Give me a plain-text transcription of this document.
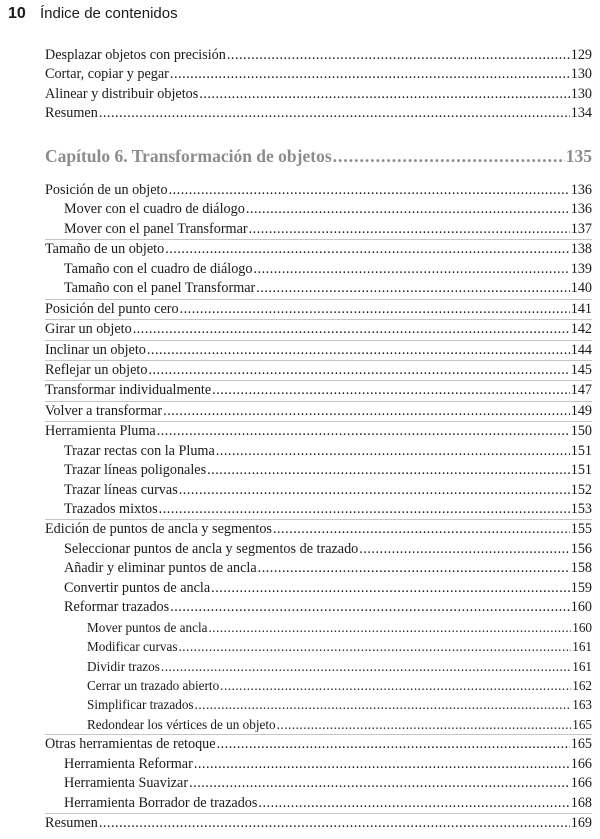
10 Índice de contenidos
Desplazar objetos con precisión .....	129
Cortar, copiar y pegar .....	130
Alinear y distribuir objetos .....	130
Resumen .....	134
Capítulo 6. Transformación de objetos .....	135
Posición de un objeto .....	136
Mover con el cuadro de diálogo .....	136
Mover con el panel Transformar .....	137
Tamaño de un objeto .....	138
Tamaño con el cuadro de diálogo .....	139
Tamaño con el panel Transformar .....	140
Posición del punto cero .....	141
Girar un objeto .....	142
Inclinar un objeto .....	144
Reflejar un objeto .....	145
Transformar individualmente .....	147
Volver a transformar .....	149
Herramienta Pluma .....	150
Trazar rectas con la Pluma .....	151
Trazar líneas poligonales .....	151
Trazar líneas curvas .....	152
Trazados mixtos .....	153
Edición de puntos de ancla y segmentos .....	155
Seleccionar puntos de ancla y segmentos de trazado .....	156
Añadir y eliminar puntos de ancla .....	158
Convertir puntos de ancla .....	159
Reformar trazados .....	160
Mover puntos de ancla .....	160
Modificar curvas .....	161
Dividir trazos .....	161
Cerrar un trazado abierto .....	162
Simplificar trazados .....	163
Redondear los vértices de un objeto .....	165
Otras herramientas de retoque .....	165
Herramienta Reformar .....	166
Herramienta Suavizar .....	166
Herramienta Borrador de trazados .....	168
Resumen .....	169
